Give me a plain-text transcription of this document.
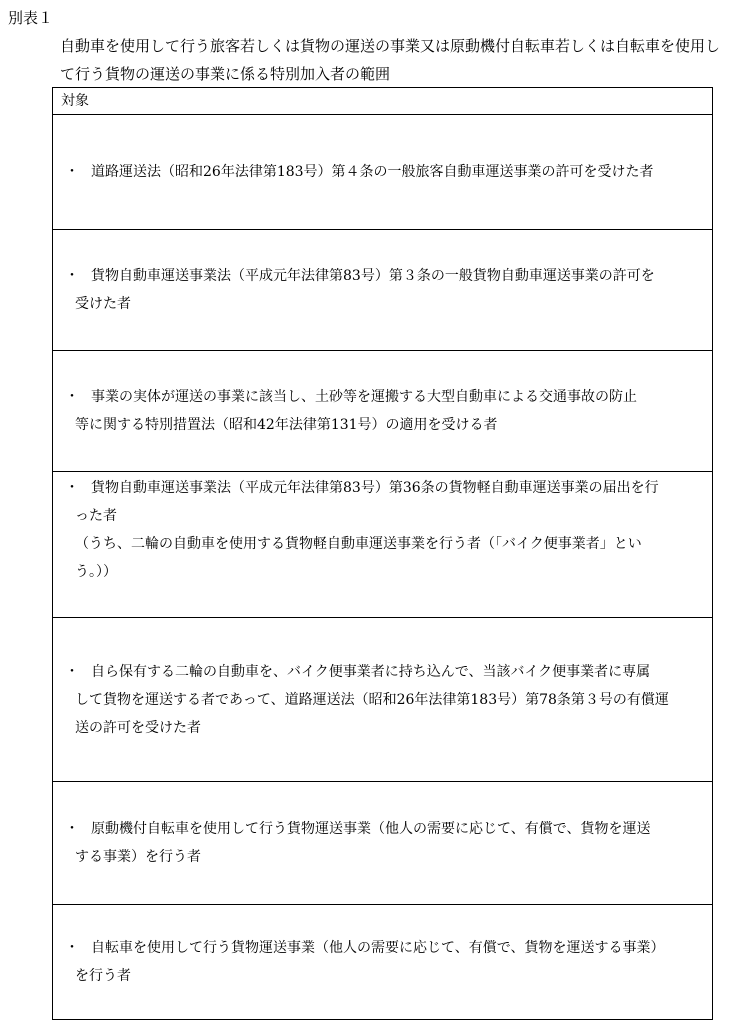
別表１
自動車を使用して行う旅客若しくは貨物の運送の事業又は原動機付自転車若しくは自転車を使用して行う貨物の運送の事業に係る特別加入者の範囲
対象
・ 道路運送法（昭和26年法律第183号）第４条の一般旅客自動車運送事業の許可を受けた者
・ 貨物自動車運送事業法（平成元年法律第83号）第３条の一般貨物自動車運送事業の許可を
受けた者
・ 事業の実体が運送の事業に該当し、土砂等を運搬する大型自動車による交通事故の防止
等に関する特別措置法（昭和42年法律第131号）の適用を受ける者
・ 貨物自動車運送事業法（平成元年法律第83号）第36条の貨物軽自動車運送事業の届出を行
った者
（うち、二輪の自動車を使用する貨物軽自動車運送事業を行う者（「バイク便事業者」とい
う。））
・ 自ら保有する二輪の自動車を、バイク便事業者に持ち込んで、当該バイク便事業者に専属
して貨物を運送する者であって、道路運送法（昭和26年法律第183号）第78条第３号の有償運
送の許可を受けた者
・ 原動機付自転車を使用して行う貨物運送事業（他人の需要に応じて、有償で、貨物を運送
する事業）を行う者
・ 自転車を使用して行う貨物運送事業（他人の需要に応じて、有償で、貨物を運送する事業）
を行う者
